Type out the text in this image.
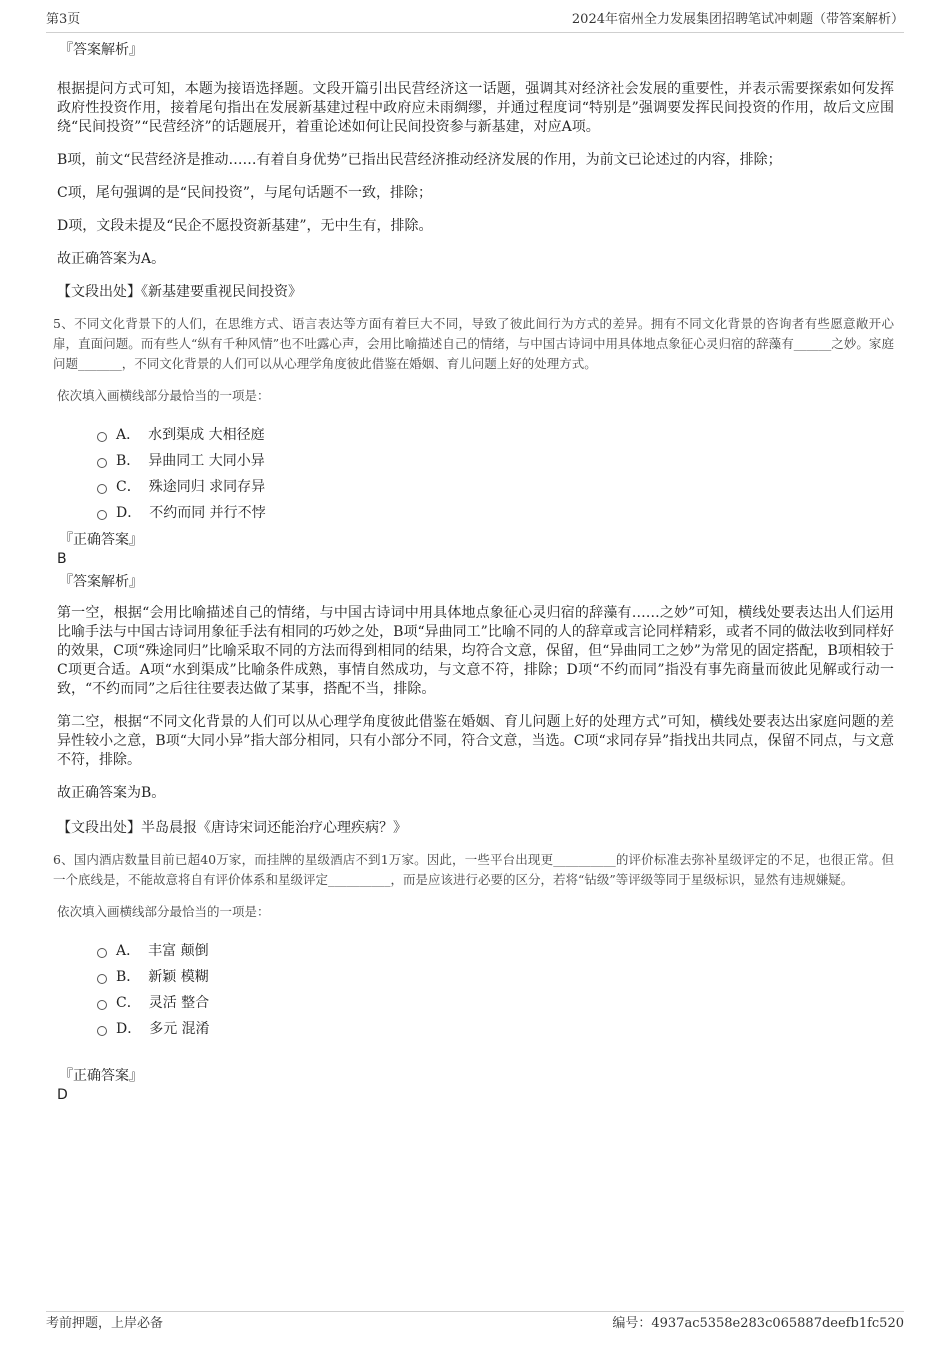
第3页	2024年宿州全力发展集团招聘笔试冲刺题（带答案解析）
『答案解析』

根据提问方式可知，本题为接语选择题。文段开篇引出民营经济这一话题，强调其对经济社会发展的重要性，并表示需要探索如何发挥政府性投资作用，接着尾句指出在发展新基建过程中政府应未雨绸缪，并通过程度词“特别是”强调要发挥民间投资的作用，故后文应围绕“民间投资”“民营经济”的话题展开，着重论述如何让民间投资参与新基建，对应A项。

B项，前文“民营经济是推动……有着自身优势”已指出民营经济推动经济发展的作用，为前文已论述过的内容，排除；

C项，尾句强调的是“民间投资”，与尾句话题不一致，排除；

D项，文段未提及“民企不愿投资新基建”，无中生有，排除。

故正确答案为A。

【文段出处】《新基建要重视民间投资》

5、不同文化背景下的人们，在思维方式、语言表达等方面有着巨大不同，导致了彼此间行为方式的差异。拥有不同文化背景的咨询者有些愿意敞开心扉，直面问题。而有些人“纵有千种风情”也不吐露心声，会用比喻描述自己的情绪，与中国古诗词中用具体地点象征心灵归宿的辞藻有______之妙。家庭问题_______，不同文化背景的人们可以从心理学角度彼此借鉴在婚姻、育儿问题上好的处理方式。

依次填入画横线部分最恰当的一项是：

A． 水到渠成 大相径庭
B． 异曲同工 大同小异
C． 殊途同归 求同存异
D． 不约而同 并行不悖
『正确答案』
B
『答案解析』

第一空，根据“会用比喻描述自己的情绪，与中国古诗词中用具体地点象征心灵归宿的辞藻有……之妙”可知，横线处要表达出人们运用比喻手法与中国古诗词用象征手法有相同的巧妙之处，B项“异曲同工”比喻不同的人的辞章或言论同样精彩，或者不同的做法收到同样好的效果，C项“殊途同归”比喻采取不同的方法而得到相同的结果，均符合文意，保留，但“异曲同工之妙”为常见的固定搭配，B项相较于C项更合适。A项“水到渠成”比喻条件成熟，事情自然成功，与文意不符，排除；D项“不约而同”指没有事先商量而彼此见解或行动一致，“不约而同”之后往往要表达做了某事，搭配不当，排除。

第二空，根据“不同文化背景的人们可以从心理学角度彼此借鉴在婚姻、育儿问题上好的处理方式”可知，横线处要表达出家庭问题的差异性较小之意，B项“大同小异”指大部分相同，只有小部分不同，符合文意，当选。C项“求同存异”指找出共同点，保留不同点，与文意不符，排除。

故正确答案为B。

【文段出处】半岛晨报《唐诗宋词还能治疗心理疾病？》

6、国内酒店数量目前已超40万家，而挂牌的星级酒店不到1万家。因此，一些平台出现更__________的评价标准去弥补星级评定的不足，也很正常。但一个底线是，不能故意将自有评价体系和星级评定__________，而是应该进行必要的区分，若将“钻级”等评级等同于星级标识，显然有违规嫌疑。

依次填入画横线部分最恰当的一项是：

A． 丰富 颠倒
B． 新颖 模糊
C． 灵活 整合
D． 多元 混淆
『正确答案』
D
考前押题，上岸必备	编号：4937ac5358e283c065887deefb1fc520
